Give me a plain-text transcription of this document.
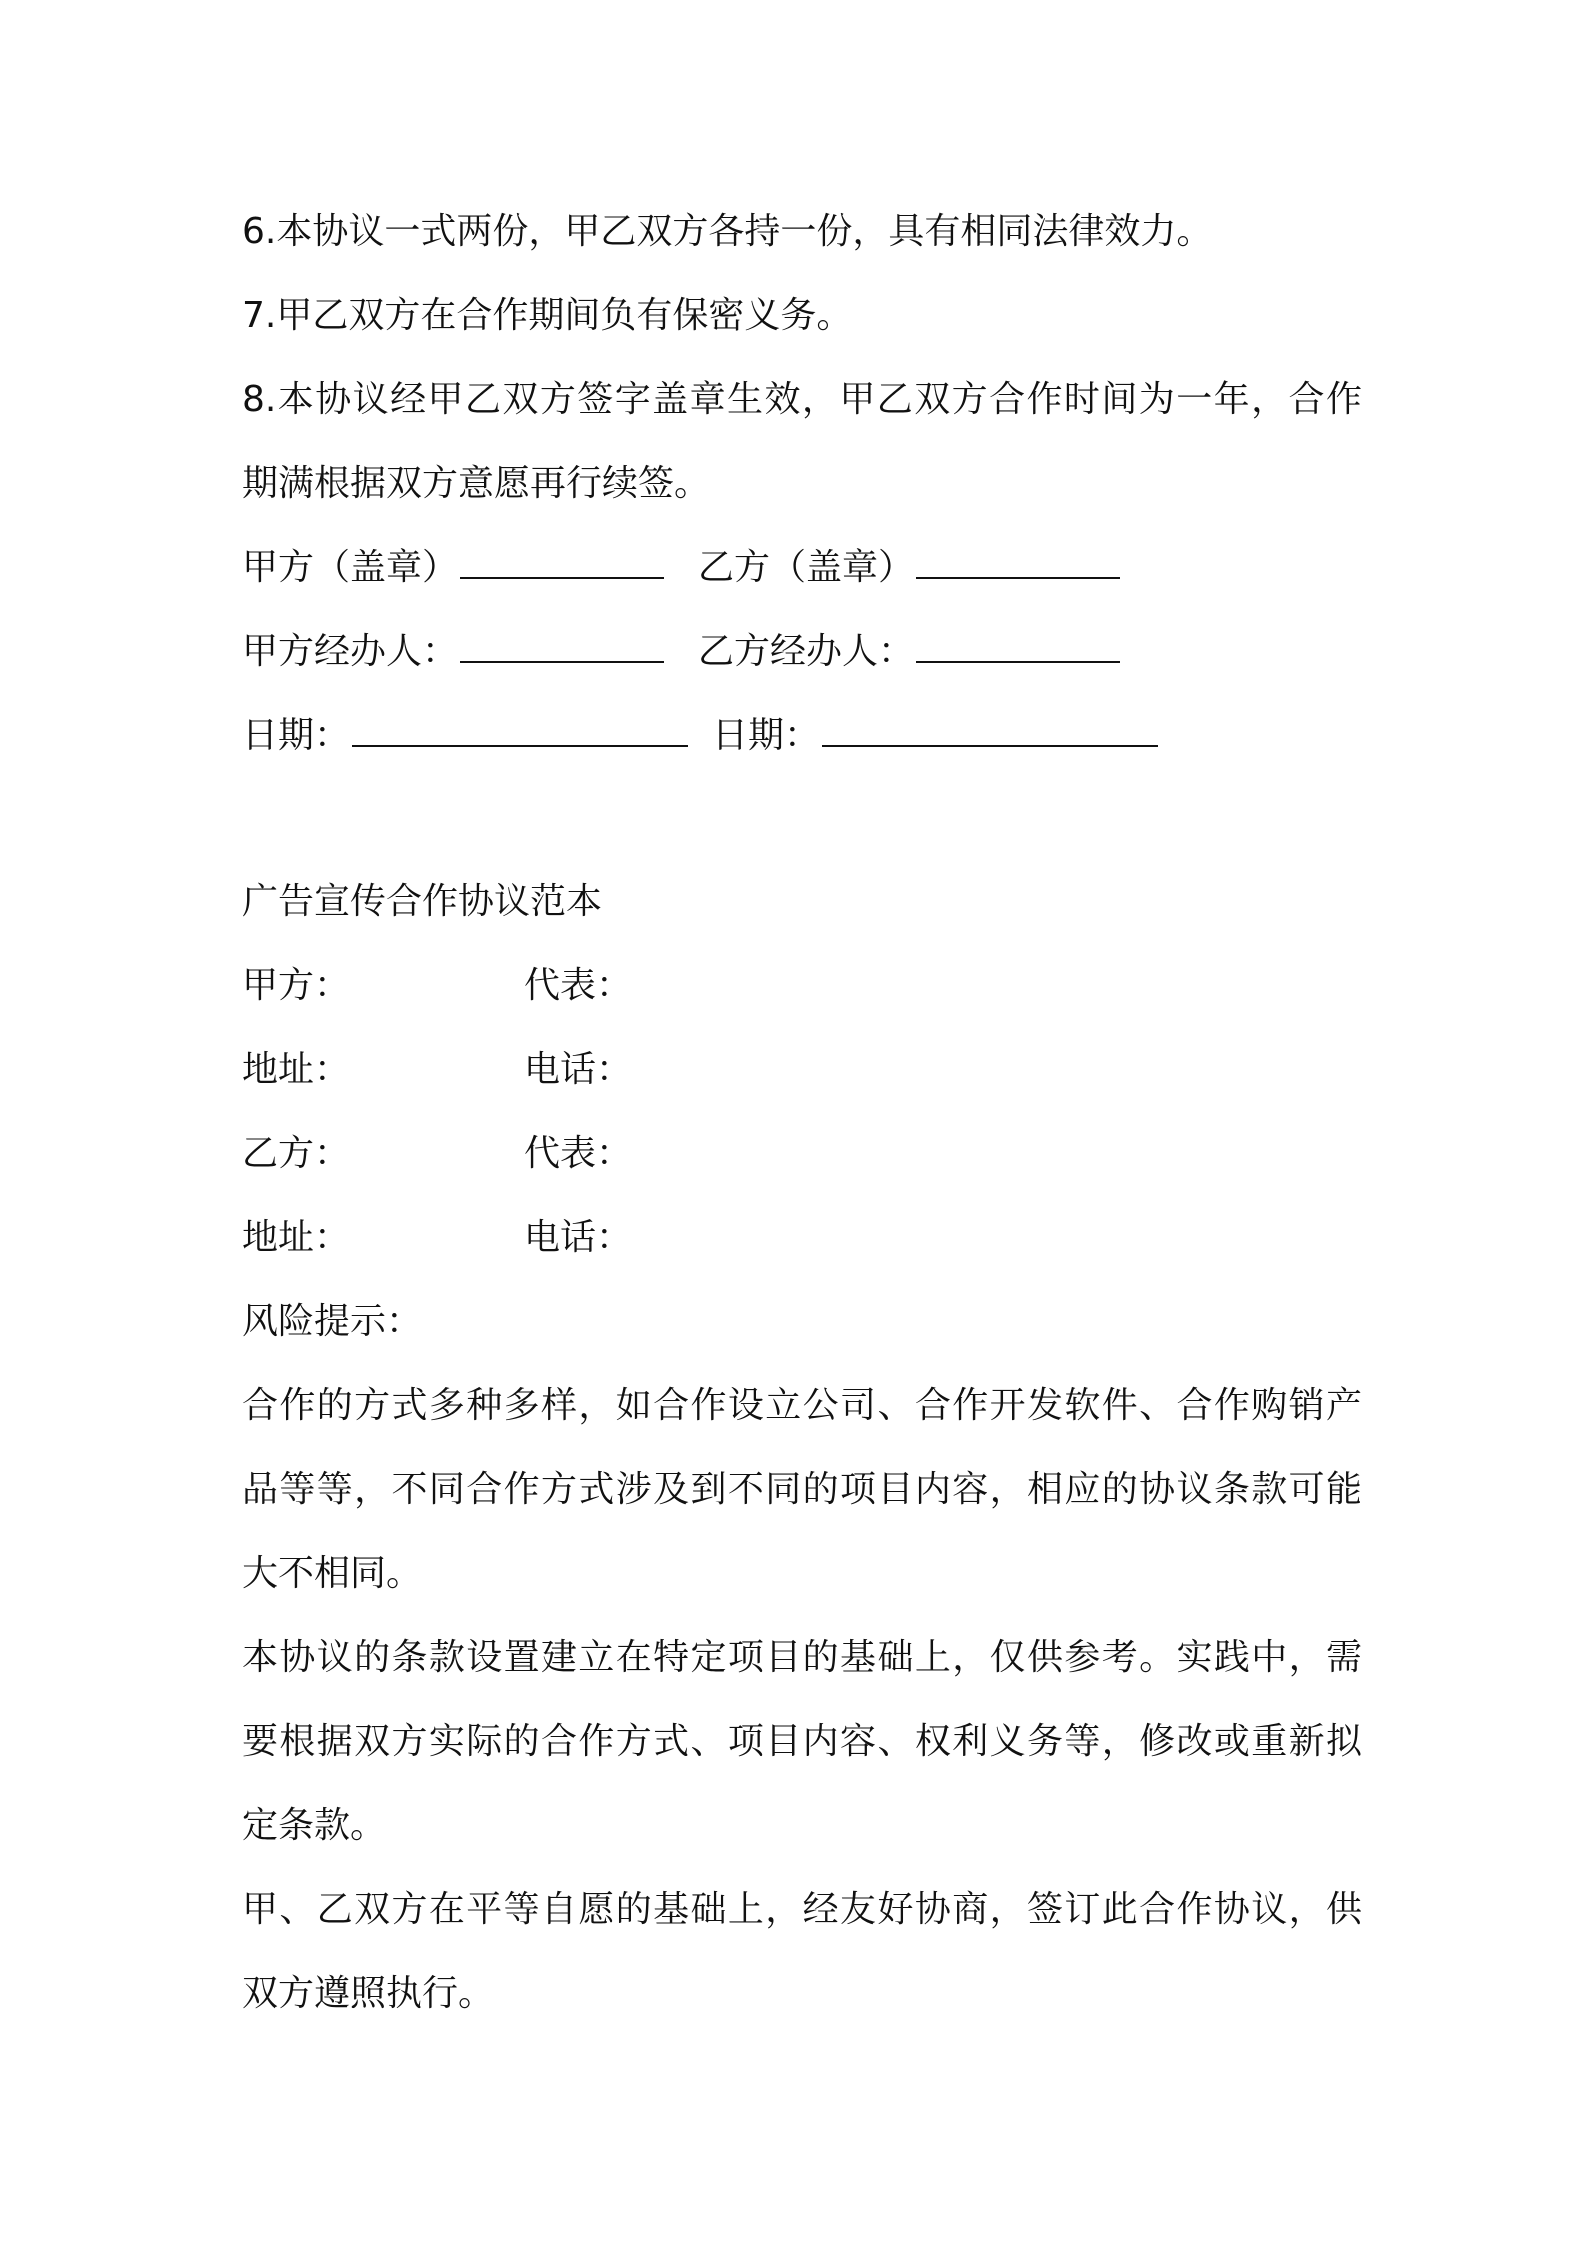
6.本协议一式两份，甲乙双方各持一份，具有相同法律效力。
7.甲乙双方在合作期间负有保密义务。
8.本协议经甲乙双方签字盖章生效，甲乙双方合作时间为一年，合作
期满根据双方意愿再行续签。
甲方（盖章）	乙方（盖章）
甲方经办人：	乙方经办人：
日期：	日期：
广告宣传合作协议范本
甲方：	代表：
地址：	电话：
乙方：	代表：
地址：	电话：
风险提示：
合作的方式多种多样，如合作设立公司、合作开发软件、合作购销产
品等等，不同合作方式涉及到不同的项目内容，相应的协议条款可能
大不相同。
本协议的条款设置建立在特定项目的基础上，仅供参考。实践中，需
要根据双方实际的合作方式、项目内容、权利义务等，修改或重新拟
定条款。
甲、乙双方在平等自愿的基础上，经友好协商，签订此合作协议，供
双方遵照执行。
